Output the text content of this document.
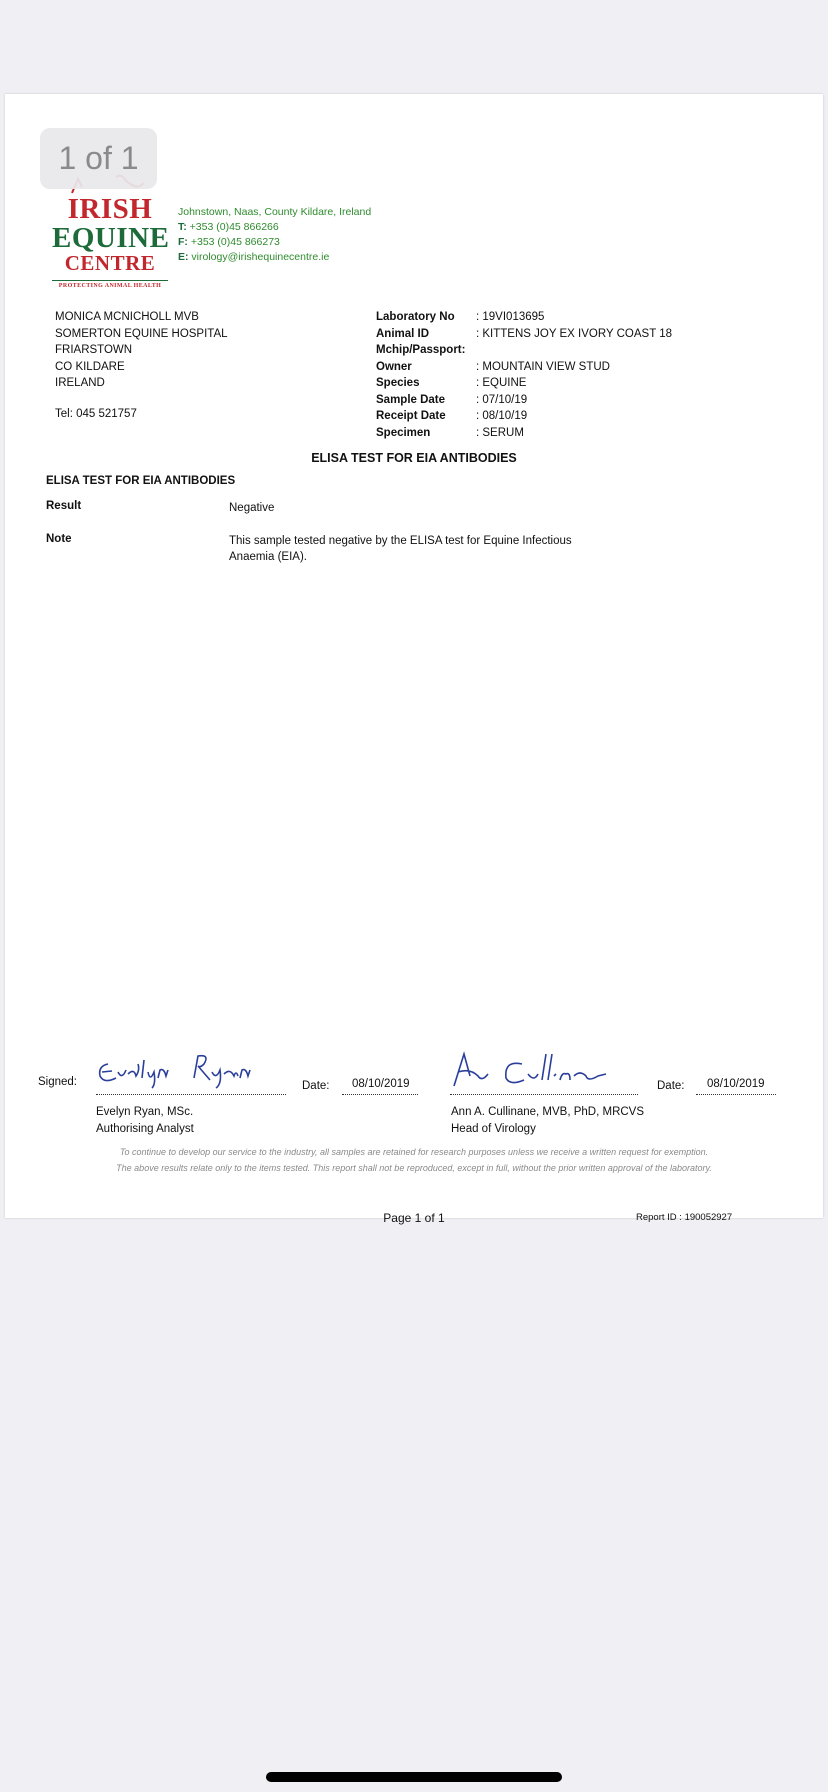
1 of 1
IRISH
EQUINE
CENTRE
PROTECTING ANIMAL HEALTH
Johnstown, Naas, County Kildare, Ireland
T: +353 (0)45 866266
F: +353 (0)45 866273
E: virology@irishequinecentre.ie
MONICA MCNICHOLL MVB
SOMERTON EQUINE HOSPITAL
FRIARSTOWN
CO KILDARE
IRELAND
Tel: 045 521757
Laboratory No	: 19VI013695
Animal ID	: KITTENS JOY EX IVORY COAST 18
Mchip/Passport:
Owner	: MOUNTAIN VIEW STUD
Species	: EQUINE
Sample Date	: 07/10/19
Receipt Date	: 08/10/19
Specimen	: SERUM
ELISA TEST FOR EIA ANTIBODIES
ELISA TEST FOR EIA ANTIBODIES
Result	Negative
Note	This sample tested negative by the ELISA test for Equine Infectious
Anaemia (EIA).
Signed:	Date: 08/10/2019	Date: 08/10/2019
Evelyn Ryan, MSc.
Authorising Analyst
Ann A. Cullinane, MVB, PhD, MRCVS
Head of Virology
To continue to develop our service to the industry, all samples are retained for research purposes unless we receive a written request for exemption.
The above results relate only to the items tested. This report shall not be reproduced, except in full, without the prior written approval of the laboratory.
Page 1 of 1	Report ID : 190052927
